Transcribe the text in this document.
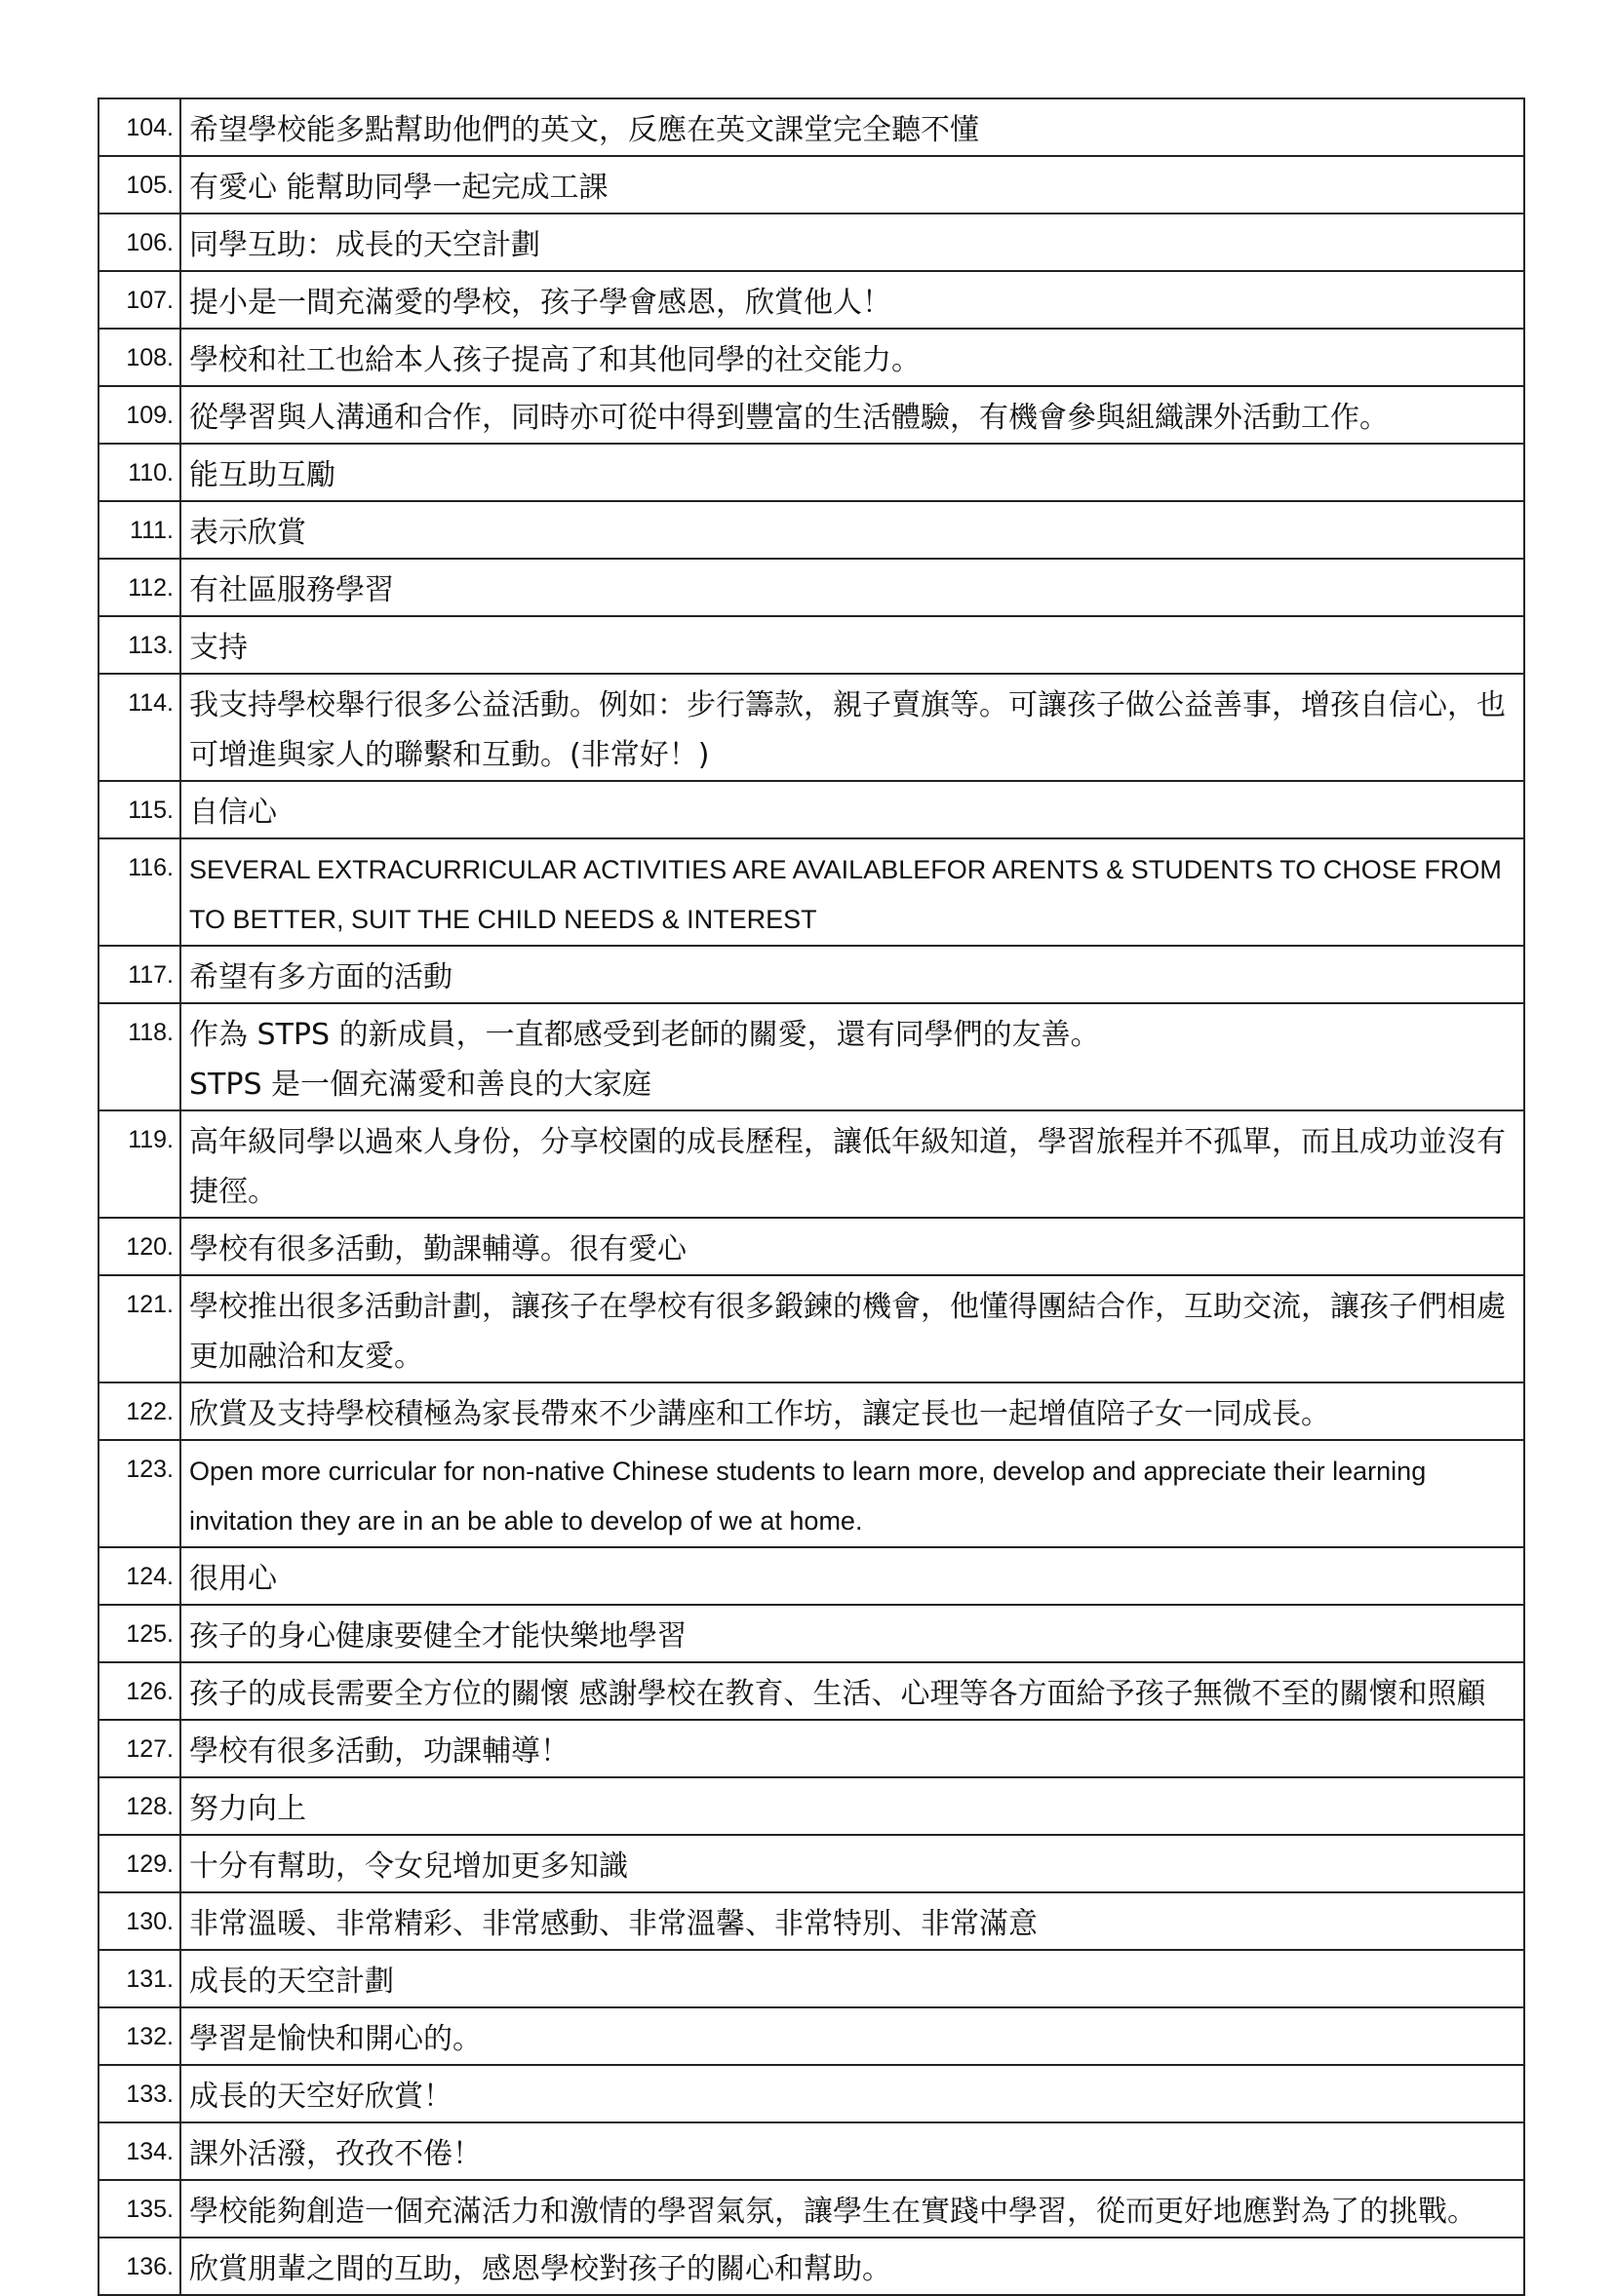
104.	希望學校能多點幫助他們的英文，反應在英文課堂完全聽不懂
105.	有愛心 能幫助同學一起完成工課
106.	同學互助：成長的天空計劃
107.	提小是一間充滿愛的學校，孩子學會感恩，欣賞他人！
108.	學校和社工也給本人孩子提高了和其他同學的社交能力。
109.	從學習與人溝通和合作，同時亦可從中得到豐富的生活體驗，有機會參與組織課外活動工作。
110.	能互助互勵
111.	表示欣賞
112.	有社區服務學習
113.	支持
114.	我支持學校舉行很多公益活動。例如：步行籌款，親子賣旗等。可讓孩子做公益善事，增孩自信心，也可增進與家人的聯繫和互動。(非常好！)
115.	自信心
116.	SEVERAL EXTRACURRICULAR ACTIVITIES ARE AVAILABLEFOR ARENTS & STUDENTS TO CHOSE FROM TO BETTER, SUIT THE CHILD NEEDS & INTEREST
117.	希望有多方面的活動
118.	作為 STPS 的新成員，一直都感受到老師的關愛，還有同學們的友善。
STPS 是一個充滿愛和善良的大家庭

119.	高年級同學以過來人身份，分享校園的成長歷程，讓低年級知道，學習旅程并不孤單，而且成功並沒有捷徑。
120.	學校有很多活動，勤課輔導。很有愛心
121.	學校推出很多活動計劃，讓孩子在學校有很多鍛鍊的機會，他懂得團結合作，互助交流，讓孩子們相處更加融洽和友愛。
122.	欣賞及支持學校積極為家長帶來不少講座和工作坊，讓定長也一起增值陪子女一同成長。
123.	Open more curricular for non-native Chinese students to learn more, develop and appreciate their learning invitation they are in an be able to develop of we at home.
124.	很用心
125.	孩子的身心健康要健全才能快樂地學習
126.	孩子的成長需要全方位的關懷 感謝學校在教育、生活、心理等各方面給予孩子無微不至的關懷和照顧
127.	學校有很多活動，功課輔導！
128.	努力向上
129.	十分有幫助，令女兒增加更多知識
130.	非常溫暖、非常精彩、非常感動、非常溫馨、非常特別、非常滿意
131.	成長的天空計劃
132.	學習是愉快和開心的。
133.	成長的天空好欣賞！
134.	課外活潑，孜孜不倦！
135.	學校能夠創造一個充滿活力和激情的學習氣氛，讓學生在實踐中學習，從而更好地應對為了的挑戰。
136.	欣賞朋輩之間的互助，感恩學校對孩子的關心和幫助。
